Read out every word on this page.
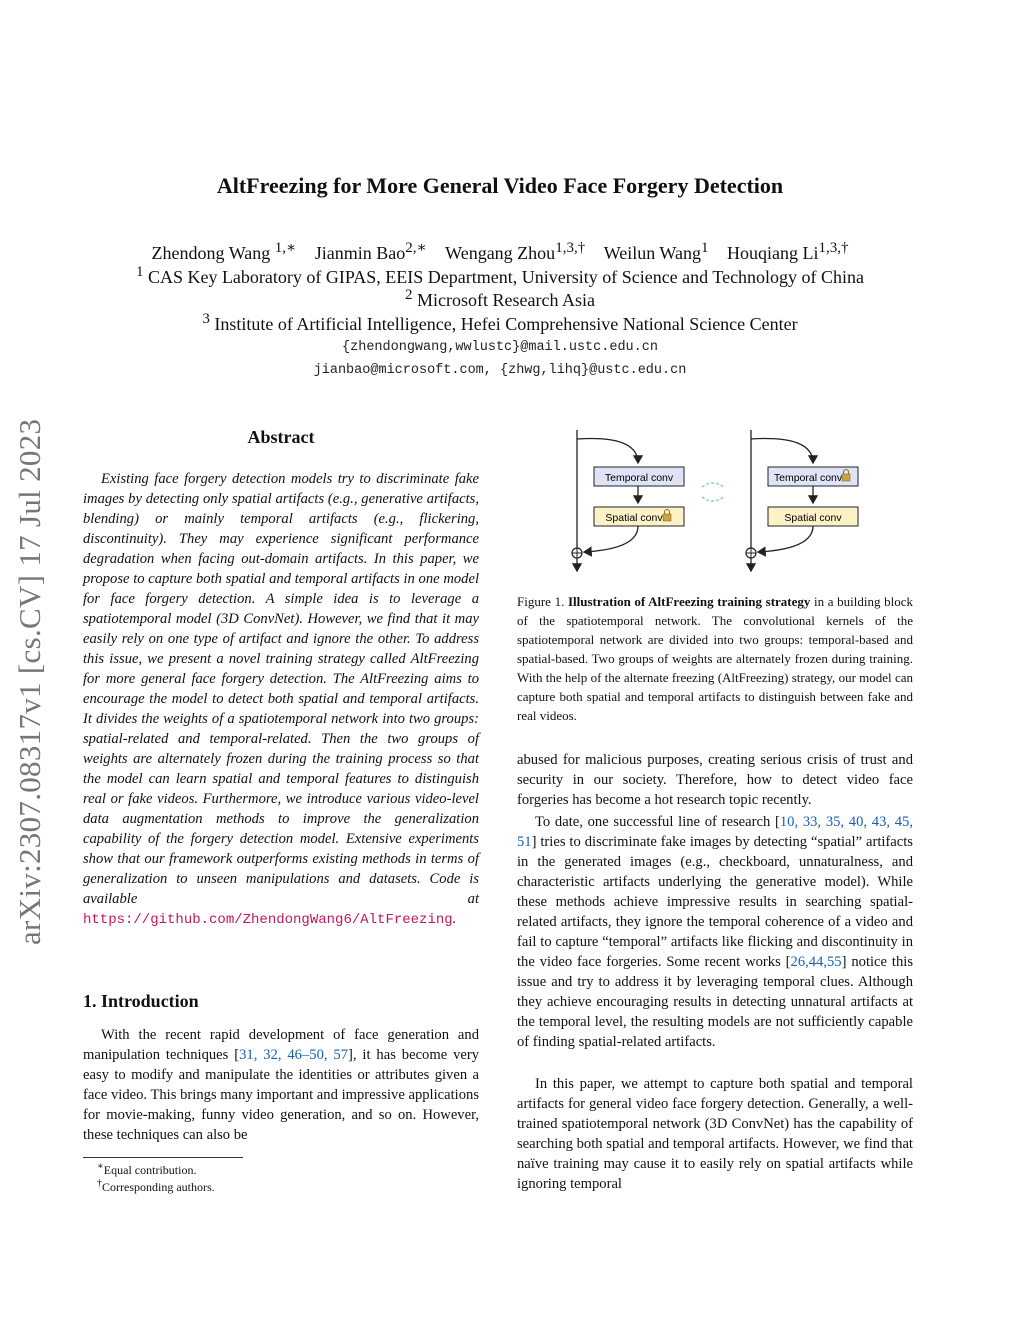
arXiv:2307.08317v1 [cs.CV] 17 Jul 2023
AltFreezing for More General Video Face Forgery Detection
Zhendong Wang $^{1,∗}$ Jianmin Bao$^{2,∗}$ Wengang Zhou$^{1,3,\dagger}$ Weilun Wang$^1$ Houqiang $Li^{1,3,\dagger}$
$^1$ CAS Key Laboratory of GIPAS, EEIS Department, University of Science and Technology of China
$^2$ Microsoft Research Asia
$^3$ Institute of Artificial Intelligence, Hefei Comprehensive National Science Center
{zhendongwang,wwlustc}@mail.ustc.edu.cn
jianbao@microsoft.com, {zhwg,lihq}@ustc.edu.cn
Abstract

Existing face forgery detection models try to discriminate fake images by detecting only spatial artifacts (e.g., generative artifacts, blending) or mainly temporal artifacts (e.g., flickering, discontinuity). They may experience significant performance degradation when facing out-domain artifacts. In this paper, we propose to capture both spatial and temporal artifacts in one model for face forgery detection. A simple idea is to leverage a spatiotemporal model (3D ConvNet). However, we find that it may easily rely on one type of artifact and ignore the other. To address this issue, we present a novel training strategy called AltFreezing for more general face forgery detection. The AltFreezing aims to encourage the model to detect both spatial and temporal artifacts. It divides the weights of a spatiotemporal network into two groups: spatial-related and temporal-related. Then the two groups of weights are alternately frozen during the training process so that the model can learn spatial and temporal features to distinguish real or fake videos. Furthermore, we introduce various video-level data augmentation methods to improve the generalization capability of the forgery detection model. Extensive experiments show that our framework outperforms existing methods in terms of generalization to unseen manipulations and datasets. Code is available at https://github.com/ZhendongWang6/AltFreezing.

1. Introduction

With the recent rapid development of face generation and manipulation techniques [31, 32, 46–50, 57], it has become very easy to modify and manipulate the identities or attributes given a face video. This brings many important and impressive applications for movie-making, funny video generation, and so on. However, these techniques can also be

∗Equal contribution.
†Corresponding authors.
Temporal conv
Spatial conv
Temporal conv
Spatial conv
Figure 1. Illustration of AltFreezing training strategy in a building block of the spatiotemporal network. The convolutional kernels of the spatiotemporal network are divided into two groups: temporal-based and spatial-based. Two groups of weights are alternately frozen during training. With the help of the alternate freezing (AltFreezing) strategy, our model can capture both spatial and temporal artifacts to distinguish between fake and real videos.

abused for malicious purposes, creating serious crisis of trust and security in our society. Therefore, how to detect video face forgeries has become a hot research topic recently.

To date, one successful line of research [10, 33, 35, 40, 43, 45, 51] tries to discriminate fake images by detecting “spatial” artifacts in the generated images (e.g., checkboard, unnaturalness, and characteristic artifacts underlying the generative model). While these methods achieve impressive results in searching spatial-related artifacts, they ignore the temporal coherence of a video and fail to capture “temporal” artifacts like flicking and discontinuity in the video face forgeries. Some recent works [26,44,55] notice this issue and try to address it by leveraging temporal clues. Although they achieve encouraging results in detecting unnatural artifacts at the temporal level, the resulting models are not sufficiently capable of finding spatial-related artifacts.

In this paper, we attempt to capture both spatial and temporal artifacts for general video face forgery detection. Generally, a well-trained spatiotemporal network (3D ConvNet) has the capability of searching both spatial and temporal artifacts. However, we find that naïve training may cause it to easily rely on spatial artifacts while ignoring temporal
